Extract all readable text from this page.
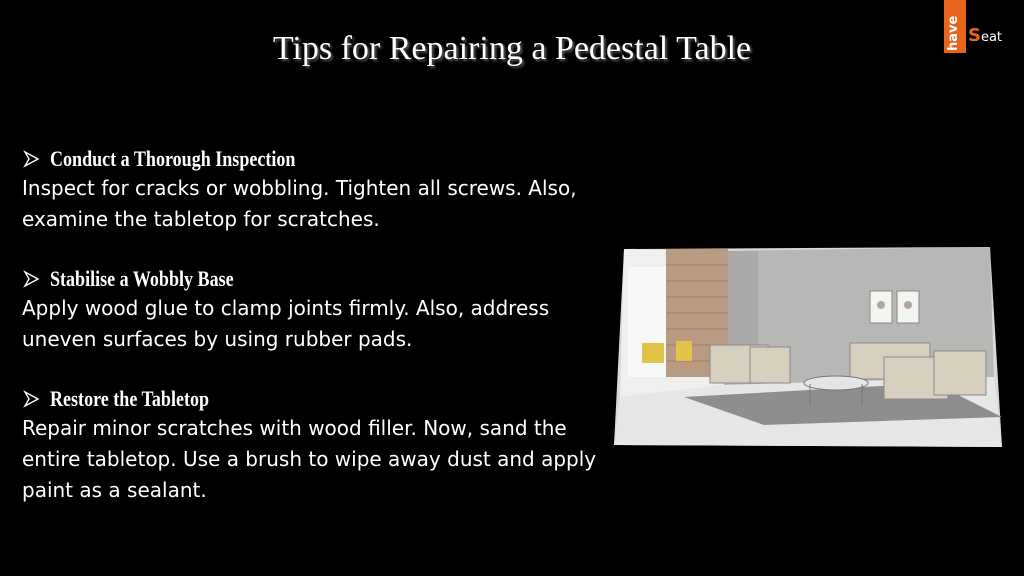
Tips for Repairing a Pedestal Table	have Seat
Conduct a Thorough Inspection
Inspect for cracks or wobbling. Tighten all screws. Also, examine the tabletop for scratches.
Stabilise a Wobbly Base
Apply wood glue to clamp joints firmly. Also, address uneven surfaces by using rubber pads.
Restore the Tabletop
Repair minor scratches with wood filler. Now, sand the entire tabletop. Use a brush to wipe away dust and apply paint as a sealant.
